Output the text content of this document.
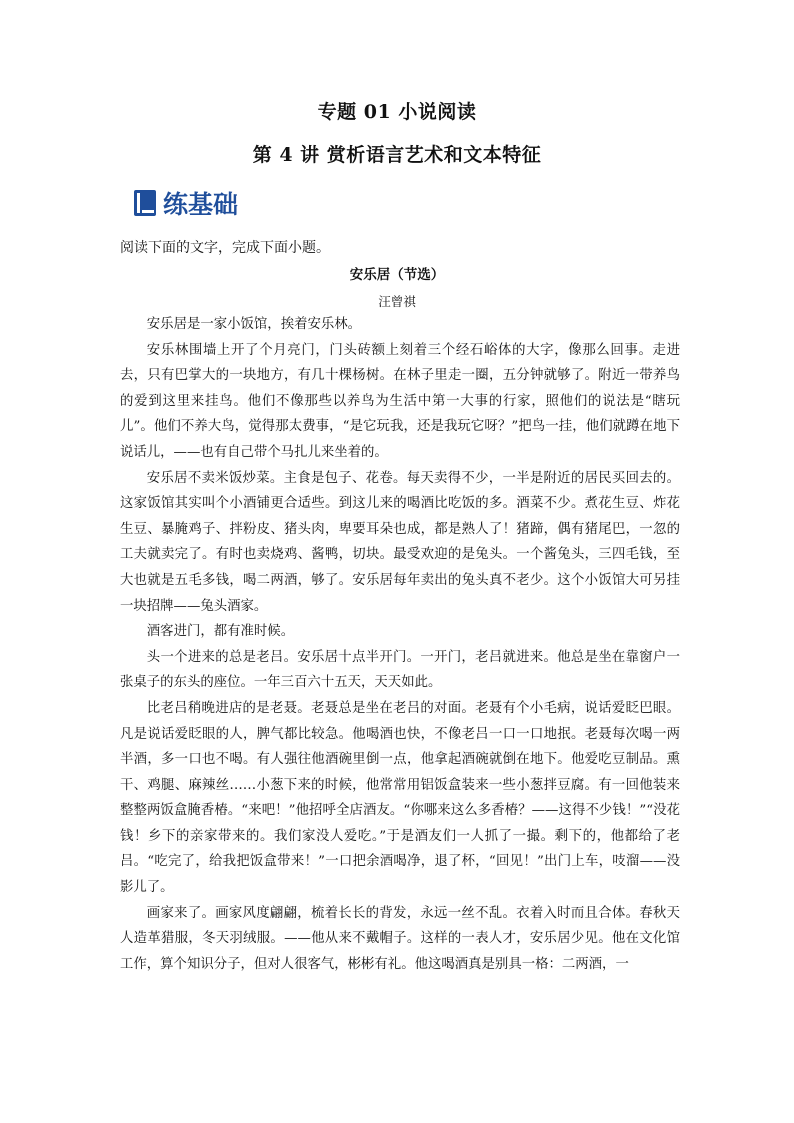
专题 01 小说阅读
第 4 讲 赏析语言艺术和文本特征
练基础
阅读下面的文字，完成下面小题。
安乐居（节选）
汪曾祺

安乐居是一家小饭馆，挨着安乐林。

安乐林围墙上开了个月亮门，门头砖额上刻着三个经石峪体的大字，像那么回事。走进去，只有巴掌大的一块地方，有几十棵杨树。在林子里走一圈，五分钟就够了。附近一带养鸟的爱到这里来挂鸟。他们不像那些以养鸟为生活中第一大事的行家，照他们的说法是“瞎玩儿”。他们不养大鸟，觉得那太费事，“是它玩我，还是我玩它呀？”把鸟一挂，他们就蹲在地下说话儿，——也有自己带个马扎儿来坐着的。

安乐居不卖米饭炒菜。主食是包子、花卷。每天卖得不少，一半是附近的居民买回去的。这家饭馆其实叫个小酒铺更合适些。到这儿来的喝酒比吃饭的多。酒菜不少。煮花生豆、炸花生豆、暴腌鸡子、拌粉皮、猪头肉，卑要耳朵也成，都是熟人了！猪蹄，偶有猪尾巴，一忽的工夫就卖完了。有时也卖烧鸡、酱鸭，切块。最受欢迎的是兔头。一个酱兔头，三四毛钱，至大也就是五毛多钱，喝二两酒，够了。安乐居每年卖出的兔头真不老少。这个小饭馆大可另挂一块招牌——兔头酒家。

酒客进门，都有准时候。

头一个进来的总是老吕。安乐居十点半开门。一开门，老吕就进来。他总是坐在靠窗户一张桌子的东头的座位。一年三百六十五天，天天如此。

比老吕稍晚进店的是老聂。老聂总是坐在老吕的对面。老聂有个小毛病，说话爱眨巴眼。凡是说话爱眨眼的人，脾气都比较急。他喝酒也快，不像老吕一口一口地抿。老聂每次喝一两半酒，多一口也不喝。有人强往他酒碗里倒一点，他拿起酒碗就倒在地下。他爱吃豆制品。熏干、鸡腿、麻辣丝……小葱下来的时候，他常常用铝饭盒装来一些小葱拌豆腐。有一回他装来整整两饭盒腌香椿。“来吧！”他招呼全店酒友。“你哪来这么多香椿？——这得不少钱！”“没花钱！乡下的亲家带来的。我们家没人爱吃。”于是酒友们一人抓了一撮。剩下的，他都给了老吕。“吃完了，给我把饭盒带来！”一口把余酒喝净，退了杯，“回见！”出门上车，吱溜——没影儿了。

画家来了。画家风度翩翩，梳着长长的背发，永远一丝不乱。衣着入时而且合体。春秋天人造革猎服，冬天羽绒服。——他从来不戴帽子。这样的一表人才，安乐居少见。他在文化馆工作，算个知识分子，但对人很客气，彬彬有礼。他这喝酒真是别具一格：二两酒，一
